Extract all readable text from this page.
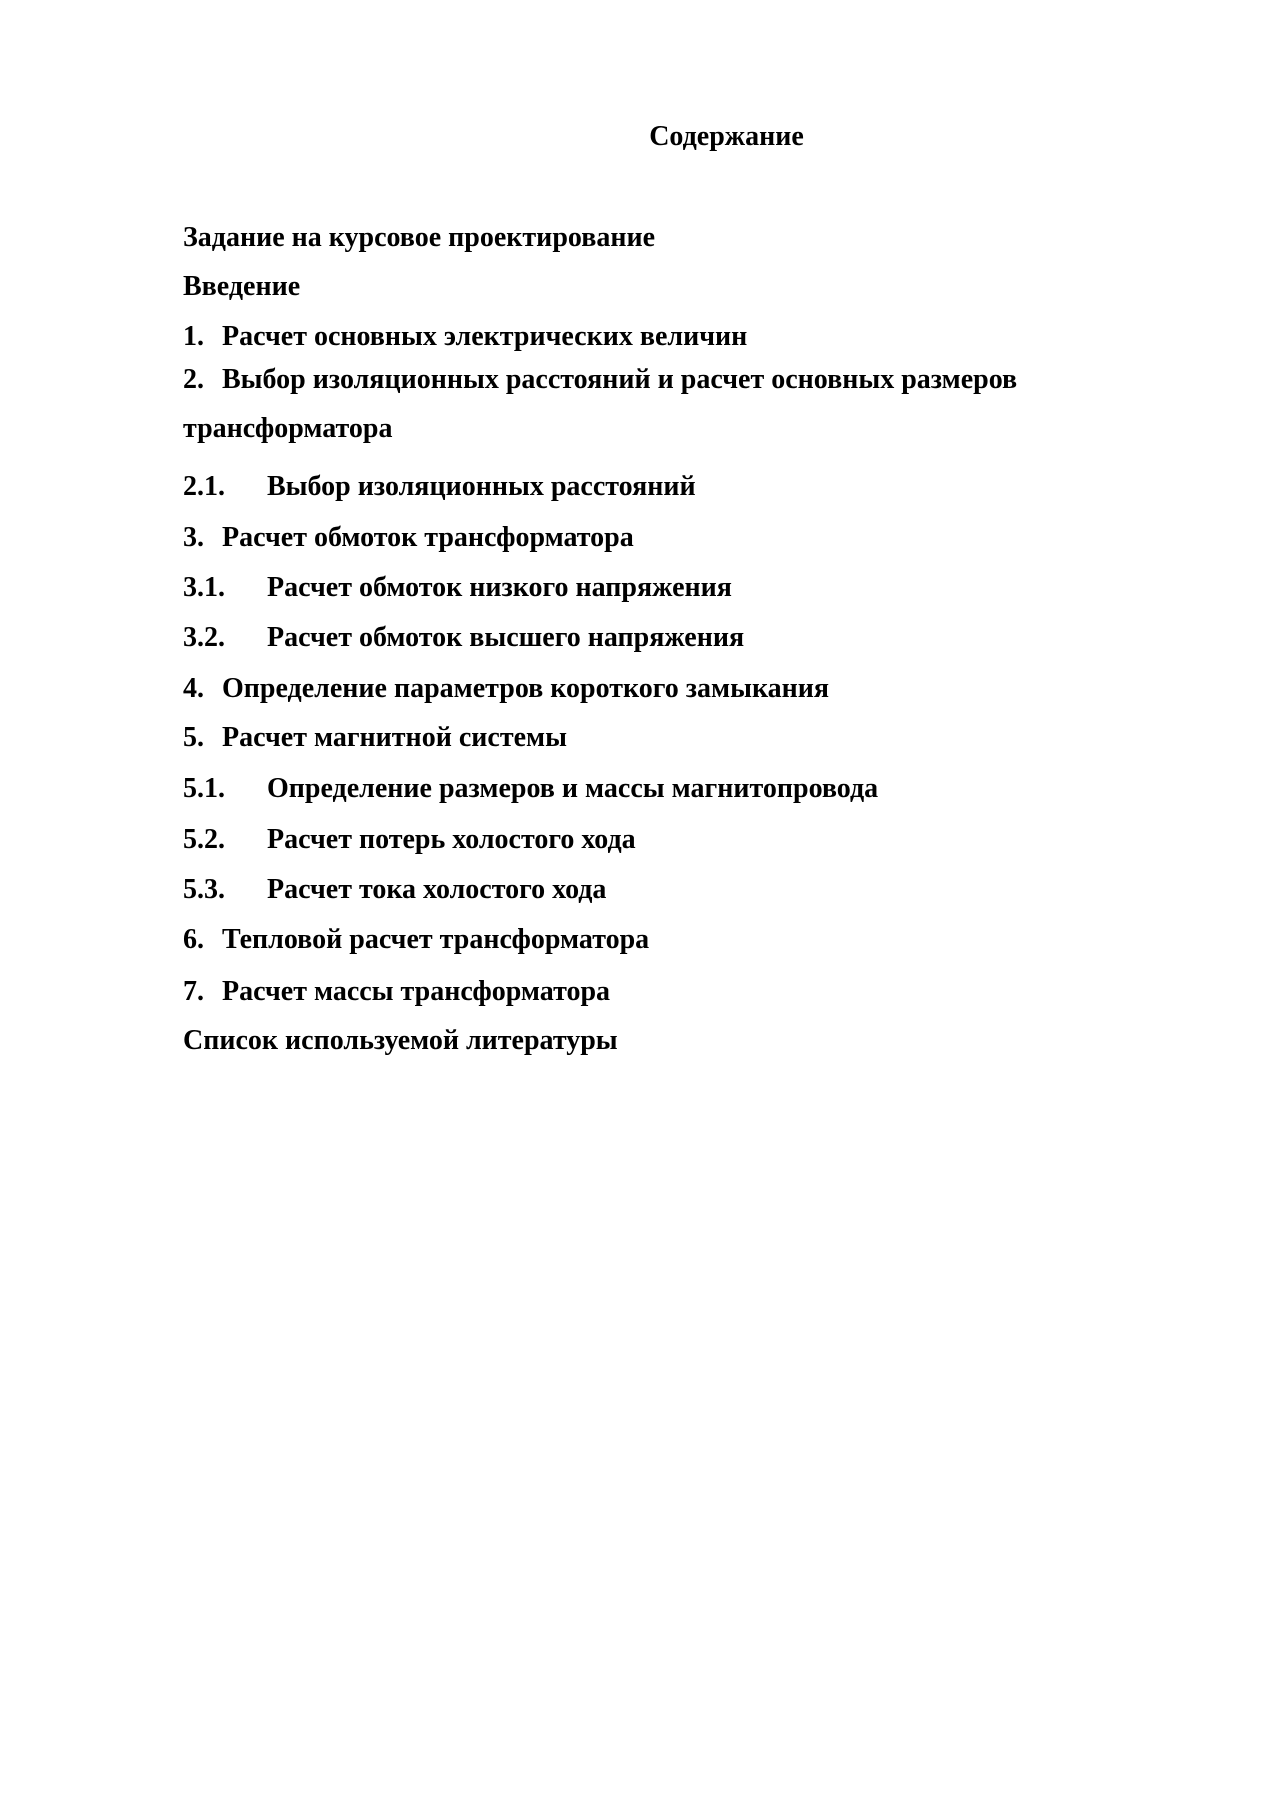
Содержание
Задание на курсовое проектирование
Введение
1. Расчет основных электрических величин
2. Выбор изоляционных расстояний и расчет основных размеров трансформатора
2.1. Выбор изоляционных расстояний
3. Расчет обмоток трансформатора
3.1. Расчет обмоток низкого напряжения
3.2. Расчет обмоток высшего напряжения
4. Определение параметров короткого замыкания
5. Расчет магнитной системы
5.1. Определение размеров и массы магнитопровода
5.2. Расчет потерь холостого хода
5.3. Расчет тока холостого хода
6. Тепловой расчет трансформатора
7. Расчет массы трансформатора
Список используемой литературы
